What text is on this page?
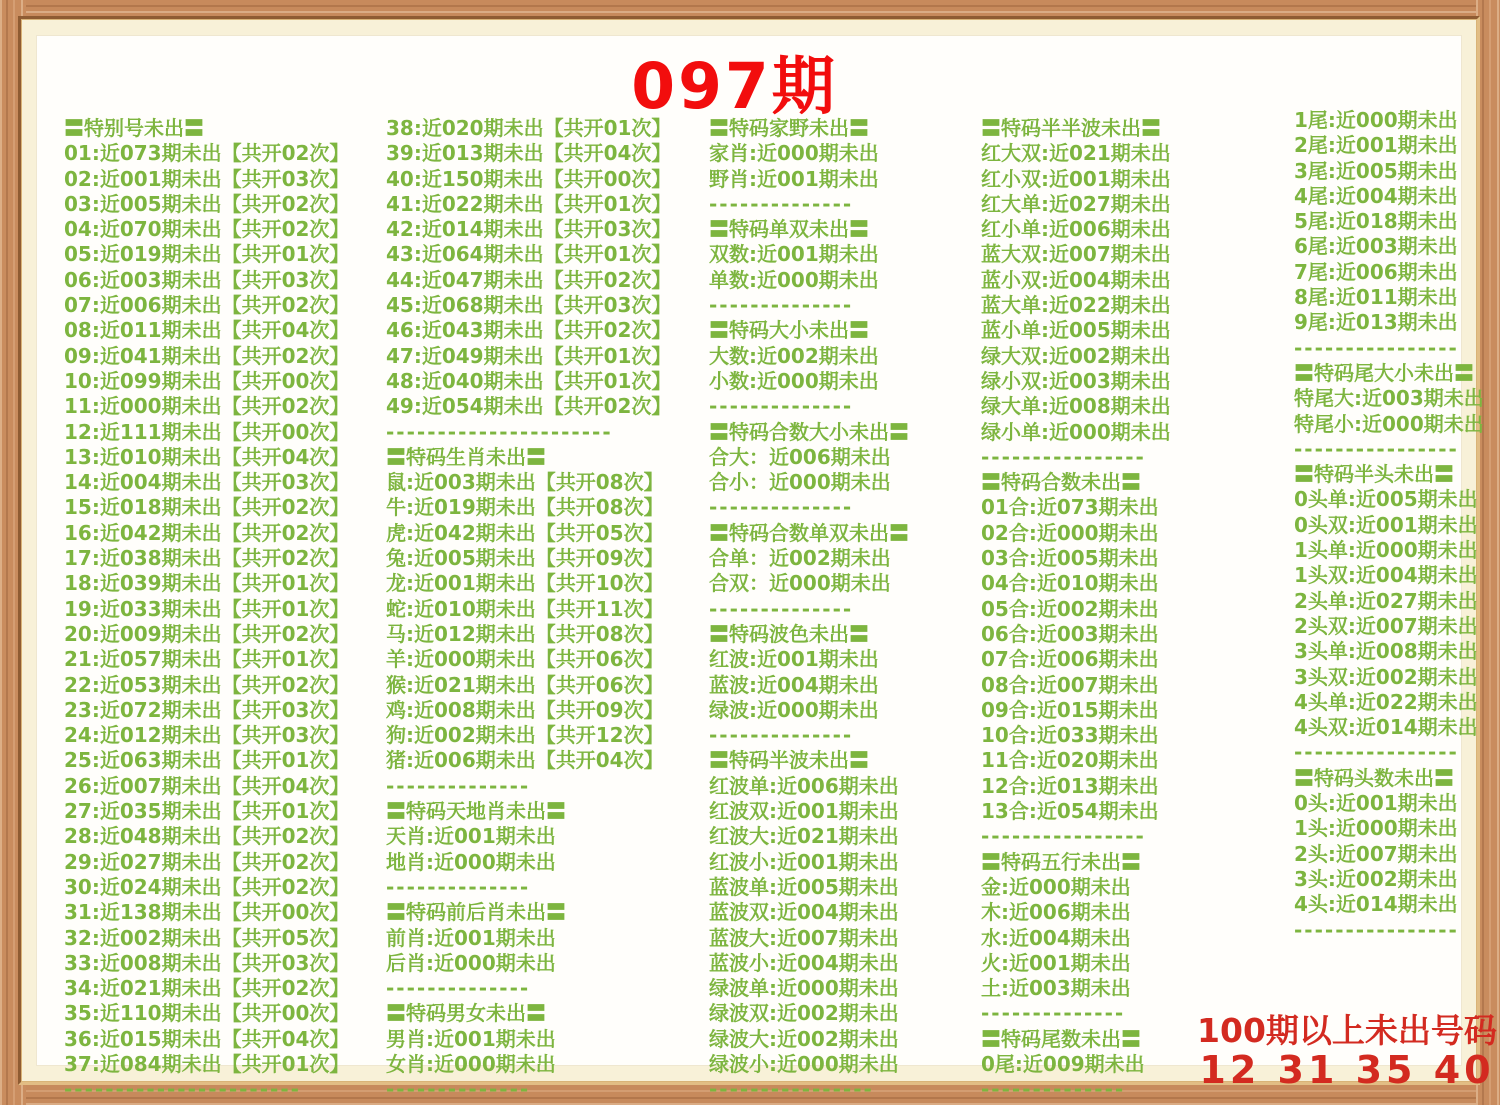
097期
〓特别号未出〓
01:近073期未出【共开02次】
02:近001期未出【共开03次】
03:近005期未出【共开02次】
04:近070期未出【共开02次】
05:近019期未出【共开01次】
06:近003期未出【共开03次】
07:近006期未出【共开02次】
08:近011期未出【共开04次】
09:近041期未出【共开02次】
10:近099期未出【共开00次】
11:近000期未出【共开02次】
12:近111期未出【共开00次】
13:近010期未出【共开04次】
14:近004期未出【共开03次】
15:近018期未出【共开02次】
16:近042期未出【共开02次】
17:近038期未出【共开02次】
18:近039期未出【共开01次】
19:近033期未出【共开01次】
20:近009期未出【共开02次】
21:近057期未出【共开01次】
22:近053期未出【共开02次】
23:近072期未出【共开03次】
24:近012期未出【共开03次】
25:近063期未出【共开01次】
26:近007期未出【共开04次】
27:近035期未出【共开01次】
28:近048期未出【共开02次】
29:近027期未出【共开02次】
30:近024期未出【共开02次】
31:近138期未出【共开00次】
32:近002期未出【共开05次】
33:近008期未出【共开03次】
34:近021期未出【共开02次】
35:近110期未出【共开00次】
36:近015期未出【共开04次】
37:近084期未出【共开01次】
-----------------------
38:近020期未出【共开01次】
39:近013期未出【共开04次】
40:近150期未出【共开00次】
41:近022期未出【共开01次】
42:近014期未出【共开03次】
43:近064期未出【共开01次】
44:近047期未出【共开02次】
45:近068期未出【共开03次】
46:近043期未出【共开02次】
47:近049期未出【共开01次】
48:近040期未出【共开01次】
49:近054期未出【共开02次】
----------------------
〓特码生肖未出〓
鼠:近003期未出【共开08次】
牛:近019期未出【共开08次】
虎:近042期未出【共开05次】
兔:近005期未出【共开09次】
龙:近001期未出【共开10次】
蛇:近010期未出【共开11次】
马:近012期未出【共开08次】
羊:近000期未出【共开06次】
猴:近021期未出【共开06次】
鸡:近008期未出【共开09次】
狗:近002期未出【共开12次】
猪:近006期未出【共开04次】
--------------
〓特码天地肖未出〓
天肖:近001期未出
地肖:近000期未出
--------------
〓特码前后肖未出〓
前肖:近001期未出
后肖:近000期未出
--------------
〓特码男女未出〓
男肖:近001期未出
女肖:近000期未出
--------------
〓特码家野未出〓
家肖:近000期未出
野肖:近001期未出
--------------
〓特码单双未出〓
双数:近001期未出
单数:近000期未出
--------------
〓特码大小未出〓
大数:近002期未出
小数:近000期未出
--------------
〓特码合数大小未出〓
合大：近006期未出
合小：近000期未出
--------------
〓特码合数单双未出〓
合单：近002期未出
合双：近000期未出
--------------
〓特码波色未出〓
红波:近001期未出
蓝波:近004期未出
绿波:近000期未出
--------------
〓特码半波未出〓
红波单:近006期未出
红波双:近001期未出
红波大:近021期未出
红波小:近001期未出
蓝波单:近005期未出
蓝波双:近004期未出
蓝波大:近007期未出
蓝波小:近004期未出
绿波单:近000期未出
绿波双:近002期未出
绿波大:近002期未出
绿波小:近000期未出
----------------
〓特码半半波未出〓
红大双:近021期未出
红小双:近001期未出
红大单:近027期未出
红小单:近006期未出
蓝大双:近007期未出
蓝小双:近004期未出
蓝大单:近022期未出
蓝小单:近005期未出
绿大双:近002期未出
绿小双:近003期未出
绿大单:近008期未出
绿小单:近000期未出
----------------
〓特码合数未出〓
01合:近073期未出
02合:近000期未出
03合:近005期未出
04合:近010期未出
05合:近002期未出
06合:近003期未出
07合:近006期未出
08合:近007期未出
09合:近015期未出
10合:近033期未出
11合:近020期未出
12合:近013期未出
13合:近054期未出
----------------
〓特码五行未出〓
金:近000期未出
木:近006期未出
水:近004期未出
火:近001期未出
土:近003期未出
--------------
〓特码尾数未出〓
0尾:近009期未出
--------------
1尾:近000期未出
2尾:近001期未出
3尾:近005期未出
4尾:近004期未出
5尾:近018期未出
6尾:近003期未出
7尾:近006期未出
8尾:近011期未出
9尾:近013期未出
----------------
〓特码尾大小未出〓
特尾大:近003期未出
特尾小:近000期未出
----------------
〓特码半头未出〓
0头单:近005期未出
0头双:近001期未出
1头单:近000期未出
1头双:近004期未出
2头单:近027期未出
2头双:近007期未出
3头单:近008期未出
3头双:近002期未出
4头单:近022期未出
4头双:近014期未出
----------------
〓特码头数未出〓
0头:近001期未出
1头:近000期未出
2头:近007期未出
3头:近002期未出
4头:近014期未出
----------------
100期以上未出号码
12 31 35 40
